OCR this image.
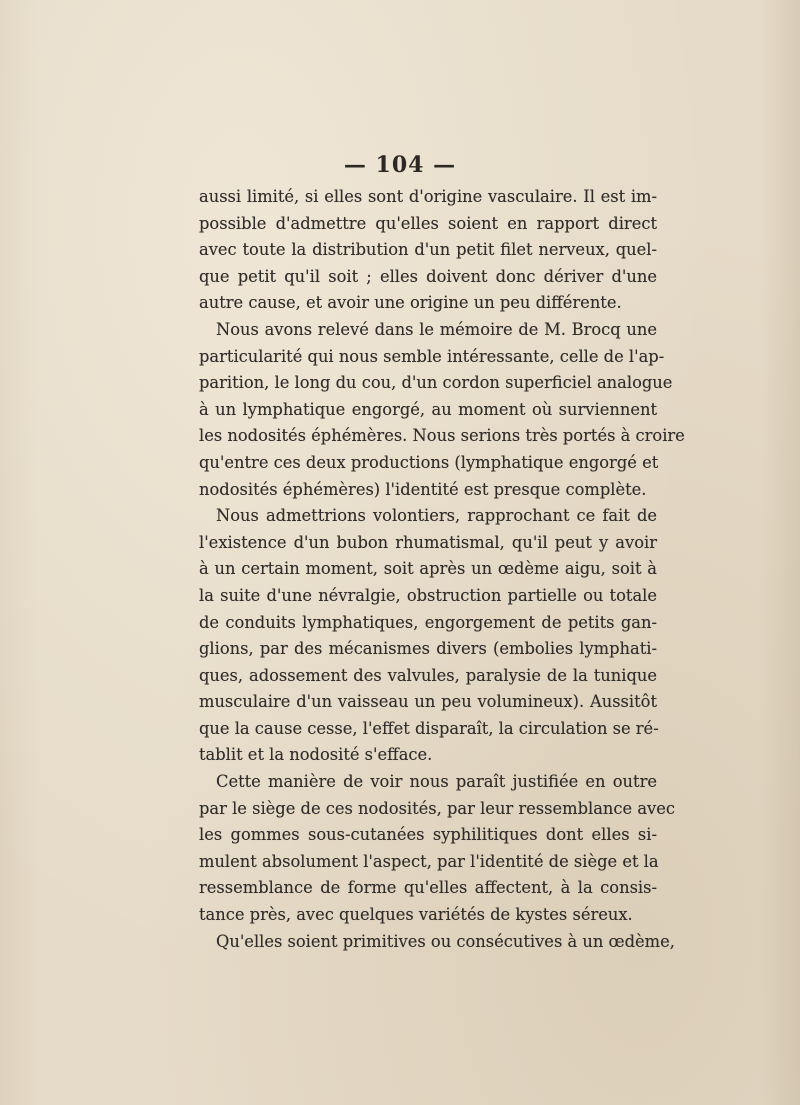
— 104 —
aussi limité, si elles sont d'origine vasculaire. Il est im-
possible d'admettre qu'elles soient en rapport direct
avec toute la distribution d'un petit filet nerveux, quel-
que petit qu'il soit ; elles doivent donc dériver d'une
autre cause, et avoir une origine un peu différente.
Nous avons relevé dans le mémoire de M. Brocq une
particularité qui nous semble intéressante, celle de l'ap-
parition, le long du cou, d'un cordon superficiel analogue
à un lymphatique engorgé, au moment où surviennent
les nodosités éphémères. Nous serions très portés à croire
qu'entre ces deux productions (lymphatique engorgé et
nodosités éphémères) l'identité est presque complète.
Nous admettrions volontiers, rapprochant ce fait de
l'existence d'un bubon rhumatismal, qu'il peut y avoir
à un certain moment, soit après un œdème aigu, soit à
la suite d'une névralgie, obstruction partielle ou totale
de conduits lymphatiques, engorgement de petits gan-
glions, par des mécanismes divers (embolies lymphati-
ques, adossement des valvules, paralysie de la tunique
musculaire d'un vaisseau un peu volumineux). Aussitôt
que la cause cesse, l'effet disparaît, la circulation se ré-
tablit et la nodosité s'efface.
Cette manière de voir nous paraît justifiée en outre
par le siège de ces nodosités, par leur ressemblance avec
les gommes sous-cutanées syphilitiques dont elles si-
mulent absolument l'aspect, par l'identité de siège et la
ressemblance de forme qu'elles affectent, à la consis-
tance près, avec quelques variétés de kystes séreux.
Qu'elles soient primitives ou consécutives à un œdème,
